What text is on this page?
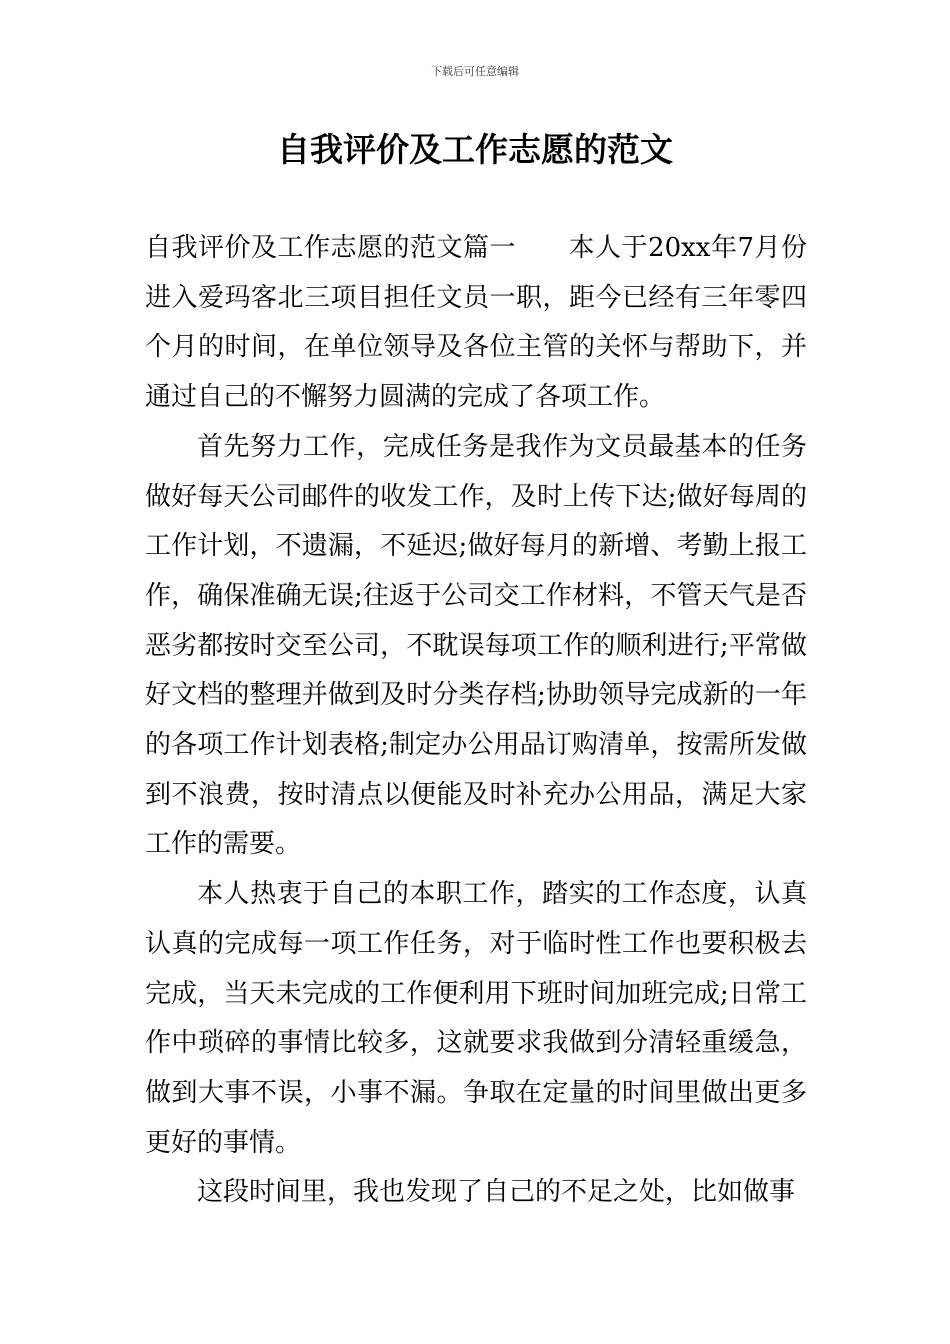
下载后可任意编辑
自我评价及工作志愿的范文

自我评价及工作志愿的范文篇一 本人于20xx年7月份进入爱玛客北三项目担任文员一职，距今已经有三年零四个月的时间，在单位领导及各位主管的关怀与帮助下，并通过自己的不懈努力圆满的完成了各项工作。

首先努力工作，完成任务是我作为文员最基本的任务做好每天公司邮件的收发工作，及时上传下达;做好每周的工作计划，不遗漏，不延迟;做好每月的新增、考勤上报工作，确保准确无误;往返于公司交工作材料，不管天气是否恶劣都按时交至公司，不耽误每项工作的顺利进行;平常做好文档的整理并做到及时分类存档;协助领导完成新的一年的各项工作计划表格;制定办公用品订购清单，按需所发做到不浪费，按时清点以便能及时补充办公用品，满足大家工作的需要。

本人热衷于自己的本职工作，踏实的工作态度，认真认真的完成每一项工作任务，对于临时性工作也要积极去完成，当天未完成的工作便利用下班时间加班完成;日常工作中琐碎的事情比较多，这就要求我做到分清轻重缓急，做到大事不误，小事不漏。争取在定量的时间里做出更多更好的事情。

这段时间里，我也发现了自己的不足之处，比如做事
